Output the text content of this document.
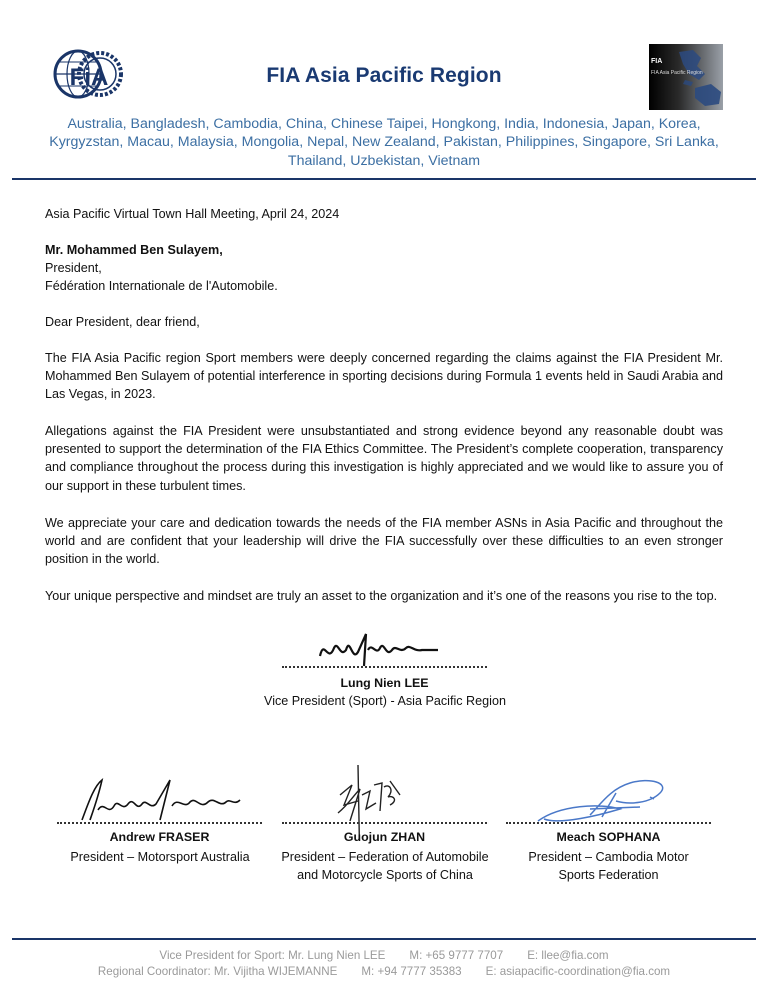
FiA	FIA Asia Pacific Region
FIA
FIA Asia Pacific Region
Australia, Bangladesh, Cambodia, China, Chinese Taipei, Hongkong, India, Indonesia, Japan, Korea,
Kyrgyzstan, Macau, Malaysia, Mongolia, Nepal, New Zealand, Pakistan, Philippines, Singapore, Sri Lanka,
Thailand, Uzbekistan, Vietnam
Asia Pacific Virtual Town Hall Meeting, April 24, 2024
Mr. Mohammed Ben Sulayem,
President,
Fédération Internationale de l'Automobile.
Dear President, dear friend,
The FIA Asia Pacific region Sport members were deeply concerned regarding the claims against the FIA President Mr. Mohammed Ben Sulayem of potential interference in sporting decisions during Formula 1 events held in Saudi Arabia and Las Vegas, in 2023.
Allegations against the FIA President were unsubstantiated and strong evidence beyond any reasonable doubt was presented to support the determination of the FIA Ethics Committee. The President’s complete cooperation, transparency and compliance throughout the process during this investigation is highly appreciated and we would like to assure you of our support in these turbulent times.
We appreciate your care and dedication towards the needs of the FIA member ASNs in Asia Pacific and throughout the world and are confident that your leadership will drive the FIA successfully over these difficulties to an even stronger position in the world.
Your unique perspective and mindset are truly an asset to the organization and it’s one of the reasons you rise to the top.
Lung Nien LEE
Vice President (Sport) - Asia Pacific Region
Andrew FRASER
President – Motorsport Australia
Guojun ZHAN
President – Federation of Automobile
and Motorcycle Sports of China
Meach SOPHANA
President – Cambodia Motor
Sports Federation
Vice President for Sport: Mr. Lung Nien LEE M: +65 9777 7707 E: llee@fia.com
Regional Coordinator: Mr. Vijitha WIJEMANNE M: +94 7777 35383 E: asiapacific-coordination@fia.com
